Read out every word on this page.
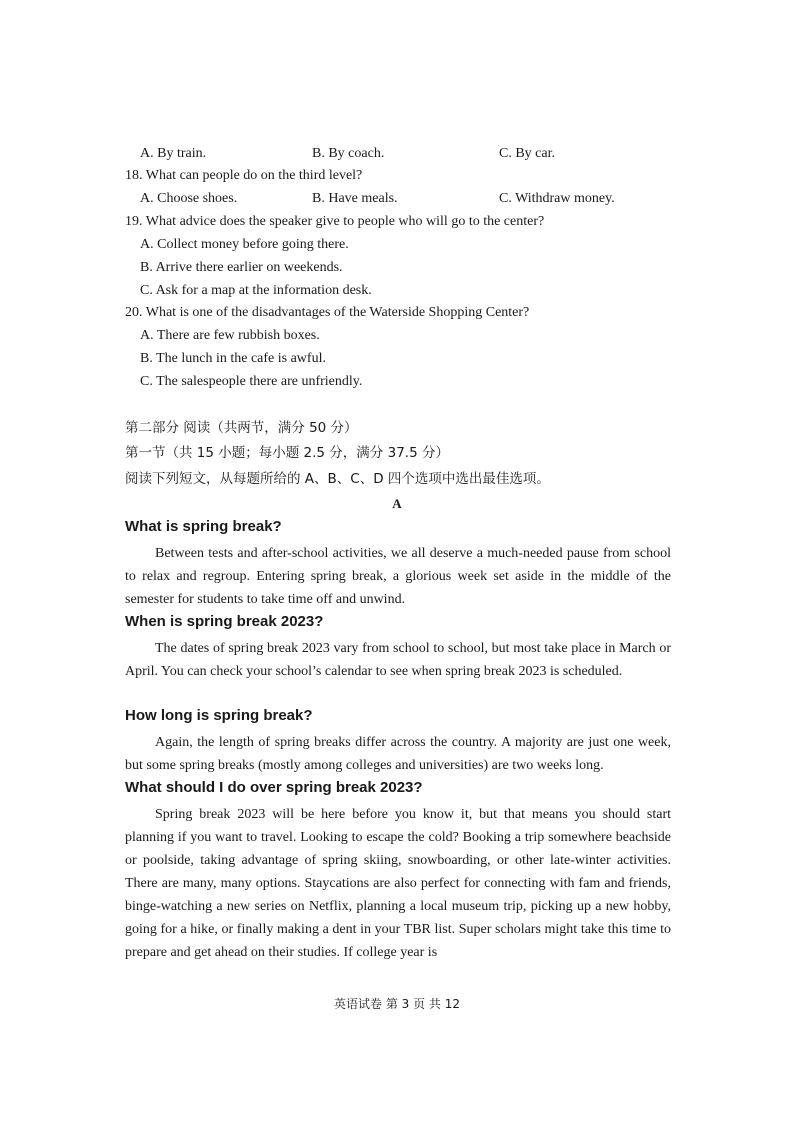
A. By train.	B. By coach.	C. By car.
18. What can people do on the third level?
A. Choose shoes.	B. Have meals.	C. Withdraw money.
19. What advice does the speaker give to people who will go to the center?
A. Collect money before going there.
B. Arrive there earlier on weekends.
C. Ask for a map at the information desk.
20. What is one of the disadvantages of the Waterside Shopping Center?
A. There are few rubbish boxes.
B. The lunch in the cafe is awful.
C. The salespeople there are unfriendly.
第二部分 阅读（共两节，满分 50 分）
第一节（共 15 小题；每小题 2.5 分，满分 37.5 分）
阅读下列短文，从每题所给的 A、B、C、D 四个选项中选出最佳选项。
A
What is spring break?

Between tests and after-school activities, we all deserve a much-needed pause from school to relax and regroup. Entering spring break, a glorious week set aside in the middle of the semester for students to take time off and unwind.

When is spring break 2023?

The dates of spring break 2023 vary from school to school, but most take place in March or April. You can check your school’s calendar to see when spring break 2023 is scheduled.

How long is spring break?

Again, the length of spring breaks differ across the country. A majority are just one week, but some spring breaks (mostly among colleges and universities) are two weeks long.

What should I do over spring break 2023?

Spring break 2023 will be here before you know it, but that means you should start planning if you want to travel. Looking to escape the cold? Booking a trip somewhere beachside or poolside, taking advantage of spring skiing, snowboarding, or other late-winter activities. There are many, many options. Staycations are also perfect for connecting with fam and friends, binge-watching a new series on Netflix, planning a local museum trip, picking up a new hobby, going for a hike, or finally making a dent in your TBR list. Super scholars might take this time to prepare and get ahead on their studies. If college year is

英语试卷 第 3 页 共 12
